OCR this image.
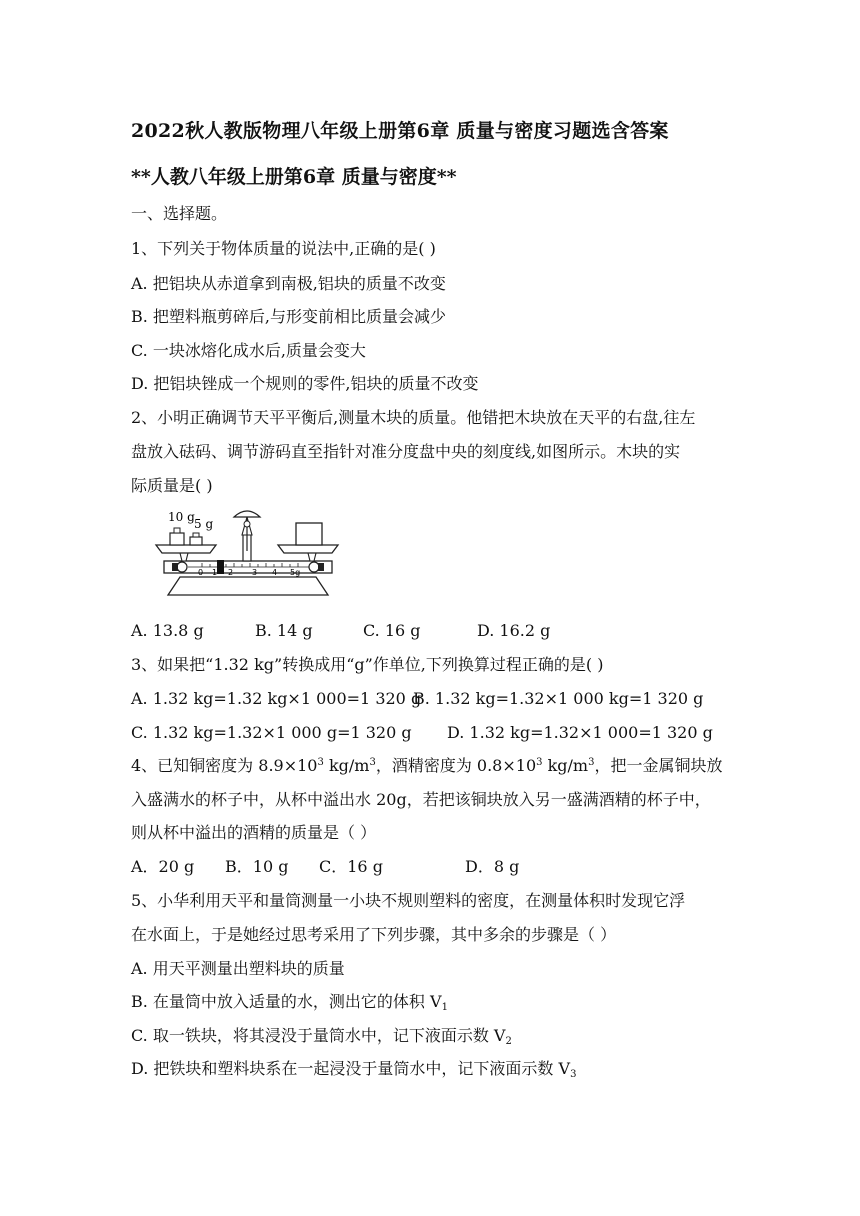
2022秋人教版物理八年级上册第6章 质量与密度习题选含答案
**人教八年级上册第6章 质量与密度**
一、选择题。
1、下列关于物体质量的说法中,正确的是( )
A. 把铝块从赤道拿到南极,铝块的质量不改变
B. 把塑料瓶剪碎后,与形变前相比质量会减少
C. 一块冰熔化成水后,质量会变大
D. 把铝块锉成一个规则的零件,铝块的质量不改变
2、小明正确调节天平平衡后,测量木块的质量。他错把木块放在天平的右盘,往左
盘放入砝码、调节游码直至指针对准分度盘中央的刻度线,如图所示。木块的实
际质量是( )
0 1 2 3 4 5g
10 g 5 g
A. 13.8 g	B. 14 g	C. 16 g	D. 16.2 g
3、如果把“1.32 kg”转换成用“g”作单位,下列换算过程正确的是( )
A. 1.32 kg=1.32 kg×1 000=1 320 g
B. 1.32 kg=1.32×1 000 kg=1 320 g
C. 1.32 kg=1.32×1 000 g=1 320 g D. 1.32 kg=1.32×1 000=1 320 g
4、已知铜密度为 $8.9\times 10^3$ $kg/m^3$，酒精密度为 $0.8\times 10^3$ $kg/m^3$，把一金属铜块放
入盛满水的杯子中，从杯中溢出水 20g，若把该铜块放入另一盛满酒精的杯子中，
则从杯中溢出的酒精的质量是（ ）
A．20 g B．10 g C．16 g	D．8 g
5、小华利用天平和量筒测量一小块不规则塑料的密度，在测量体积时发现它浮
在水面上，于是她经过思考采用了下列步骤，其中多余的步骤是（ ）
A. 用天平测量出塑料块的质量
B. 在量筒中放入适量的水，测出它的体积 $V_1$
C. 取一铁块，将其浸没于量筒水中，记下液面示数 $V_2$
D. 把铁块和塑料块系在一起浸没于量筒水中，记下液面示数 $V_3$
